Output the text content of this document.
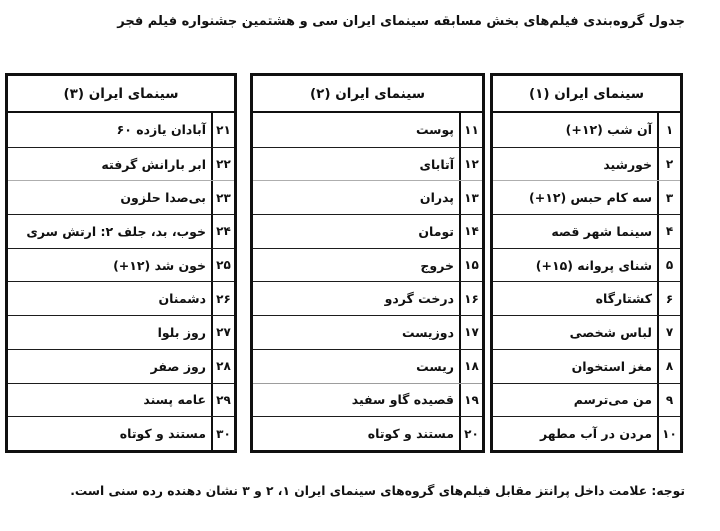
جدول گروه‌بندی فیلم‌های بخش مسابقه سینمای ایران سی و هشتمین جشنواره فیلم فجر
سینمای ایران (۱)
۱
آن شب (۱۲+)
۲
خورشید
۳
سه کام حبس (۱۲+)
۴
سینما شهر قصه
۵
شنای پروانه (۱۵+)
۶
کشتارگاه
۷
لباس شخصی
۸
مغز استخوان
۹
من می‌ترسم
۱۰
مردن در آب مطهر
سینمای ایران (۲)
۱۱
پوست
۱۲
آتابای
۱۳
پدران
۱۴
تومان
۱۵
خروج
۱۶
درخت گردو
۱۷
دوزیست
۱۸
ریست
۱۹
قصیده گاو سفید
۲۰
مستند و کوتاه
سینمای ایران (۳)
۲۱
آبادان یازده ۶۰
۲۲
ابر بارانش گرفته
۲۳
بی‌صدا حلزون
۲۴
خوب، بد، جلف ۲: ارتش سری
۲۵
خون شد (۱۲+)
۲۶
دشمنان
۲۷
روز بلوا
۲۸
روز صفر
۲۹
عامه پسند
۳۰
مستند و کوتاه
توجه: علامت داخل پرانتز مقابل فیلم‌های گروه‌های سینمای ایران ۱، ۲ و ۳ نشان دهنده رده سنی است.
